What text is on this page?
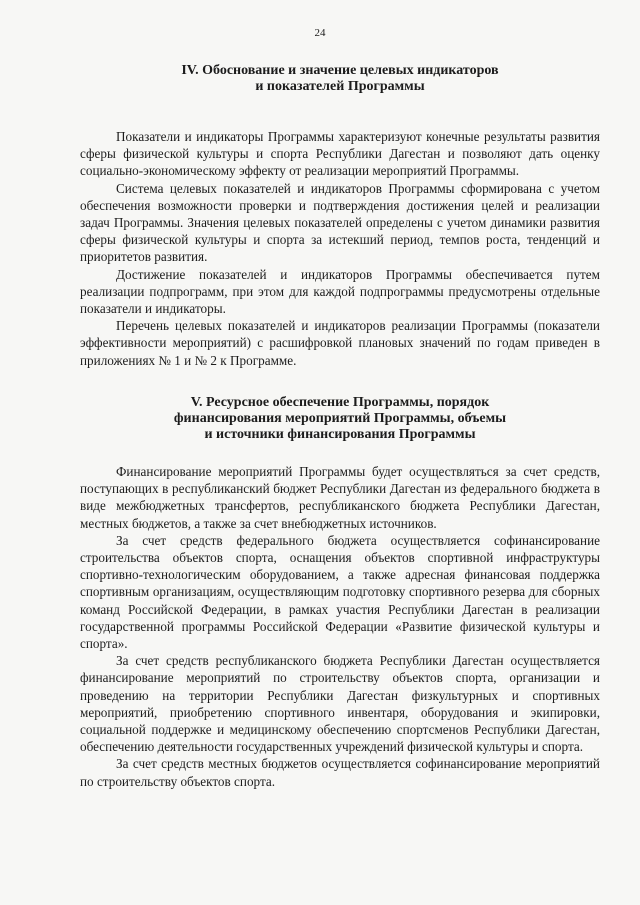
24
IV. Обоснование и значение целевых индикаторов
и показателей Программы

Показатели и индикаторы Программы характеризуют конечные результаты развития сферы физической культуры и спорта Республики Дагестан и позволяют дать оценку социально-экономическому эффекту от реализации мероприятий Программы.

Система целевых показателей и индикаторов Программы сформирована с учетом обеспечения возможности проверки и подтверждения достижения целей и реализации задач Программы. Значения целевых показателей определены с учетом динамики развития сферы физической культуры и спорта за истекший период, темпов роста, тенденций и приоритетов развития.

Достижение показателей и индикаторов Программы обеспечивается путем реализации подпрограмм, при этом для каждой подпрограммы предусмотрены отдельные показатели и индикаторы.

Перечень целевых показателей и индикаторов реализации Программы (показатели эффективности мероприятий) с расшифровкой плановых значений по годам приведен в приложениях № 1 и № 2 к Программе.

V. Ресурсное обеспечение Программы, порядок
финансирования мероприятий Программы, объемы
и источники финансирования Программы

Финансирование мероприятий Программы будет осуществляться за счет средств, поступающих в республиканский бюджет Республики Дагестан из федерального бюджета в виде межбюджетных трансфертов, республиканского бюджета Республики Дагестан, местных бюджетов, а также за счет внебюджетных источников.

За счет средств федерального бюджета осуществляется софинансирование строительства объектов спорта, оснащения объектов спортивной инфраструктуры спортивно-технологическим оборудованием, а также адресная финансовая поддержка спортивным организациям, осуществляющим подготовку спортивного резерва для сборных команд Российской Федерации, в рамках участия Республики Дагестан в реализации государственной программы Российской Федерации «Развитие физической культуры и спорта».

За счет средств республиканского бюджета Республики Дагестан осуществляется финансирование мероприятий по строительству объектов спорта, организации и проведению на территории Республики Дагестан физкультурных и спортивных мероприятий, приобретению спортивного инвентаря, оборудования и экипировки, социальной поддержке и медицинскому обеспечению спортсменов Республики Дагестан, обеспечению деятельности государственных учреждений физической культуры и спорта.

За счет средств местных бюджетов осуществляется софинансирование мероприятий по строительству объектов спорта.
